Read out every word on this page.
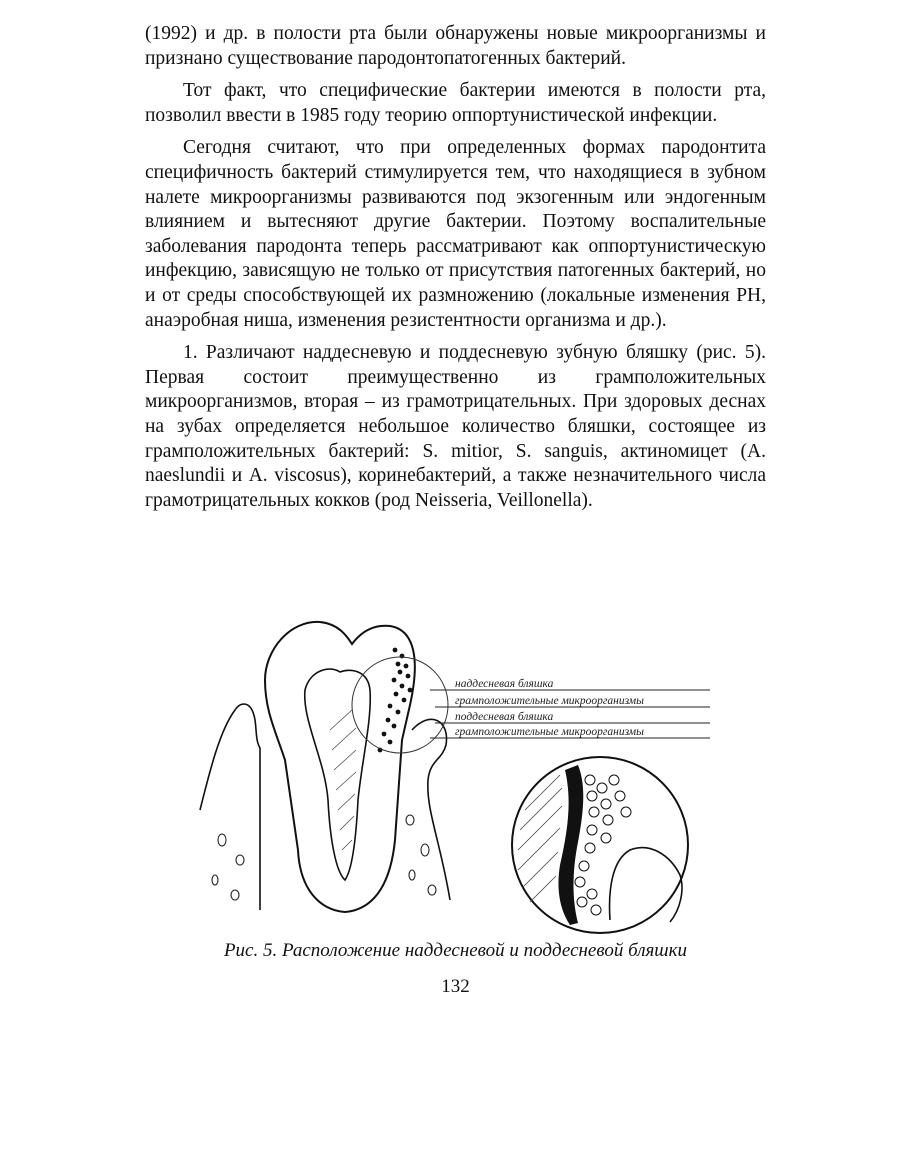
(1992) и др. в полости рта были обнаружены новые микроорганизмы и признано существование пародонтопатогенных бактерий.

Тот факт, что специфические бактерии имеются в полости рта, позволил ввести в 1985 году теорию оппортунистической инфекции.

Сегодня считают, что при определенных формах пародонтита специфичность бактерий стимулируется тем, что находящиеся в зубном налете микроорганизмы развиваются под экзогенным или эндогенным влиянием и вытесняют другие бактерии. Поэтому воспалительные заболевания пародонта теперь рассматривают как оппортунистическую инфекцию, зависящую не только от присутствия патогенных бактерий, но и от среды способствующей их размножению (локальные изменения РН, анаэробная ниша, изменения резистентности организма и др.).

1. Различают наддесневую и поддесневую зубную бляшку (рис. 5). Первая состоит преимущественно из грамположительных микроорганизмов, вторая – из грамотрицательных. При здоровых деснах на зубах определяется небольшое количество бляшки, состоящее из грамположительных бактерий: S. mitior, S. sanguis, актиномицет (A. naeslundii и A. viscosus), коринебактерий, а также незначительного числа грамотрицательных кокков (род Neisseria, Veillonella).

наддесневая бляшка
грамположительные микроорганизмы
поддесневая бляшка
грамположительные микроорганизмы
Рис. 5. Расположение наддесневой и поддесневой бляшки
132
